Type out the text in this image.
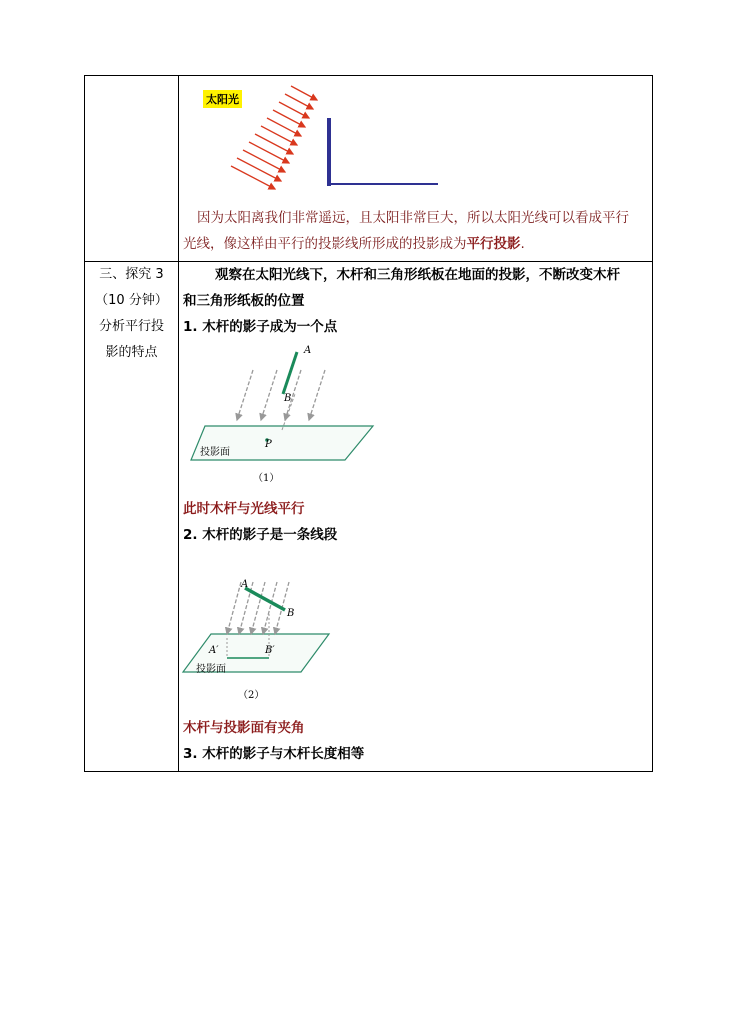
太阳光
因为太阳离我们非常遥远，且太阳非常巨大，所以太阳光线可以看成平行
光线，像这样由平行的投影线所形成的投影成为平行投影.
三、探究 3
（10 分钟）
分析平行投
影的特点
观察在太阳光线下，木杆和三角形纸板在地面的投影，不断改变木杆
和三角形纸板的位置
1. 木杆的影子成为一个点
A
B
P
投影面
（1）
此时木杆与光线平行
2. 木杆的影子是一条线段
A
B
A′	B′
投影面
（2）
木杆与投影面有夹角
3. 木杆的影子与木杆长度相等
